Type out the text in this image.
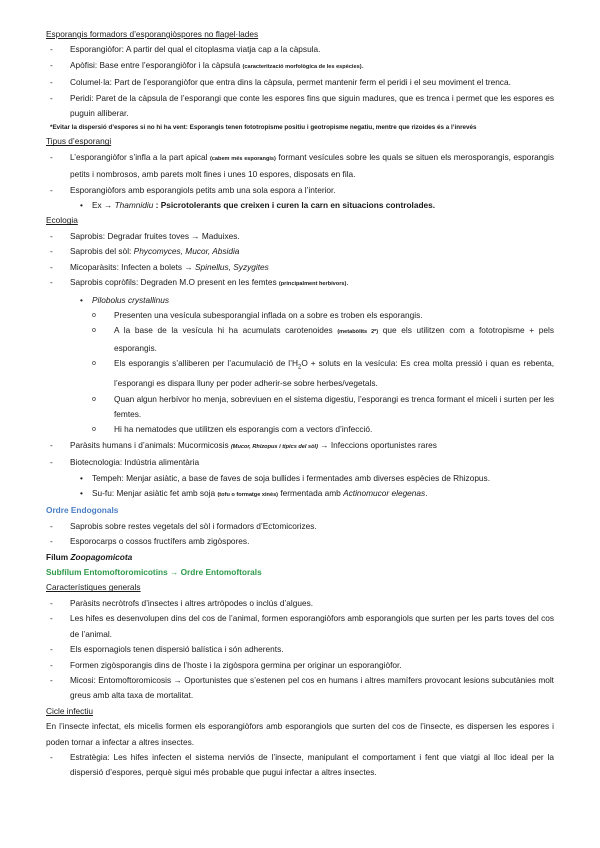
Esporangis formadors d’esporangiòspores no flagel·lades
- Esporangiòfor: A partir del qual el citoplasma viatja cap a la càpsula.
- Apòfisi: Base entre l’esporangiòfor i la càpsula (caracterització morfològica de les espècies).
- Columel·la: Part de l’esporangiòfor que entra dins la càpsula, permet mantenir ferm el peridi i el seu moviment el trenca.
- Peridi: Paret de la càpsula de l’esporangi que conte les espores fins que siguin madures, que es trenca i permet que les espores es puguin alliberar.
*Evitar la dispersió d’espores si no hi ha vent: Esporangis tenen fototropisme positiu i geotropisme negatiu, mentre que rizoides és a l’inrevés
Tipus d’esporangi
- L’esporangiòfor s’infla a la part apical (cabem més esporangis) formant vesícules sobre les quals se situen els merosporangis, esporangis petits i nombrosos, amb parets molt fines i unes 10 espores, disposats en fila.
- Esporangiòfors amb esporangiols petits amb una sola espora a l’interior.
• Ex → Thamnidiu : Psicrotolerants que creixen i curen la carn en situacions controlades.
Ecologia
- Saprobis: Degradar fruites toves → Maduixes.
- Saprobis del sòl: Phycomyces, Mucor, Absidia
- Micoparàsits: Infecten a bolets → Spinellus, Syzygites
- Saprobis copròfils: Degraden M.O present en les femtes (principalment herbívors).
• Pilobolus crystallinus
o Presenten una vesícula subesporangial inflada on a sobre es troben els esporangis.
o A la base de la vesícula hi ha acumulats carotenoides (metabòlits 2º) que els utilitzen com a fototropisme + pels esporangis.
o Els esporangis s’alliberen per l’acumulació de $l’H_2O$ + soluts en la vesícula: Es crea molta pressió i quan es rebenta, l’esporangi es dispara lluny per poder adherir-se sobre herbes/vegetals.
o Quan algun herbívor ho menja, sobreviuen en el sistema digestiu, l’esporangi es trenca formant el miceli i surten per les femtes.
o Hi ha nematodes que utilitzen els esporangis com a vectors d’infecció.
- Paràsits humans i d’animals: Mucormicosis (Mucor, Rhizopus i tipics del sòl) → Infeccions oportunistes rares
- Biotecnologia: Indústria alimentària
• Tempeh: Menjar asiàtic, a base de faves de soja bullides i fermentades amb diverses espècies de Rhizopus.
• Su-fu: Menjar asiàtic fet amb soja (tofu o formatge xinès) fermentada amb Actinomucor elegenas.
Ordre Endogonals
- Saprobis sobre restes vegetals del sòl i formadors d’Ectomicorizes.
- Esporocarps o cossos fructífers amb zigòspores.
Fílum Zoopagomicota
Subfílum Entomoftoromicotins → Ordre Entomoftorals
Característiques generals
- Paràsits necròtrofs d’insectes i altres artròpodes o inclús d’algues.
- Les hifes es desenvolupen dins del cos de l’animal, formen esporangiòfors amb esporangiols que surten per les parts toves del cos de l’animal.
- Els espornagiols tenen dispersió balística i són adherents.
- Formen zigòsporangis dins de l’hoste i la zigòspora germina per originar un esporangiòfor.
- Micosi: Entomoftoromicosis → Oportunistes que s’estenen pel cos en humans i altres mamífers provocant lesions subcutànies molt greus amb alta taxa de mortalitat.
Cicle infectiu
En l’insecte infectat, els micelis formen els esporangiòfors amb esporangiols que surten del cos de l’insecte, es dispersen les espores i poden tornar a infectar a altres insectes.
- Estratègia: Les hifes infecten el sistema nerviós de l’insecte, manipulant el comportament i fent que viatgi al lloc ideal per la dispersió d’espores, perquè sigui més probable que pugui infectar a altres insectes.
